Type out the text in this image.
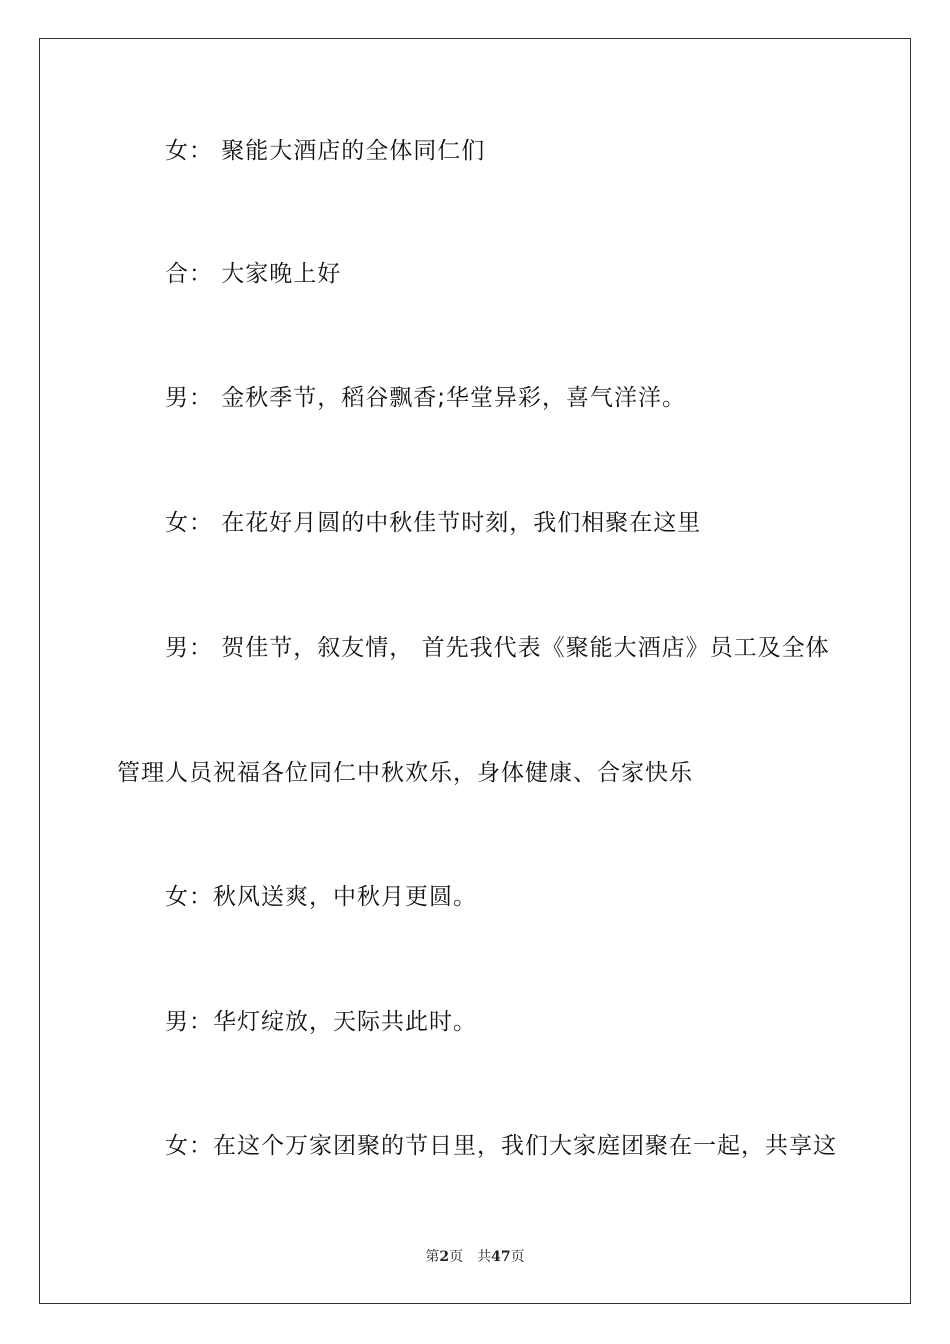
女： 聚能大酒店的全体同仁们
合： 大家晚上好
男： 金秋季节，稻谷飘香;华堂异彩，喜气洋洋。
女： 在花好月圆的中秋佳节时刻，我们相聚在这里
男： 贺佳节，叙友情， 首先我代表《聚能大酒店》员工及全体
管理人员祝福各位同仁中秋欢乐，身体健康、合家快乐
女：秋风送爽，中秋月更圆。
男：华灯绽放，天际共此时。
女：在这个万家团聚的节日里，我们大家庭团聚在一起，共享这
第2页 共47页
